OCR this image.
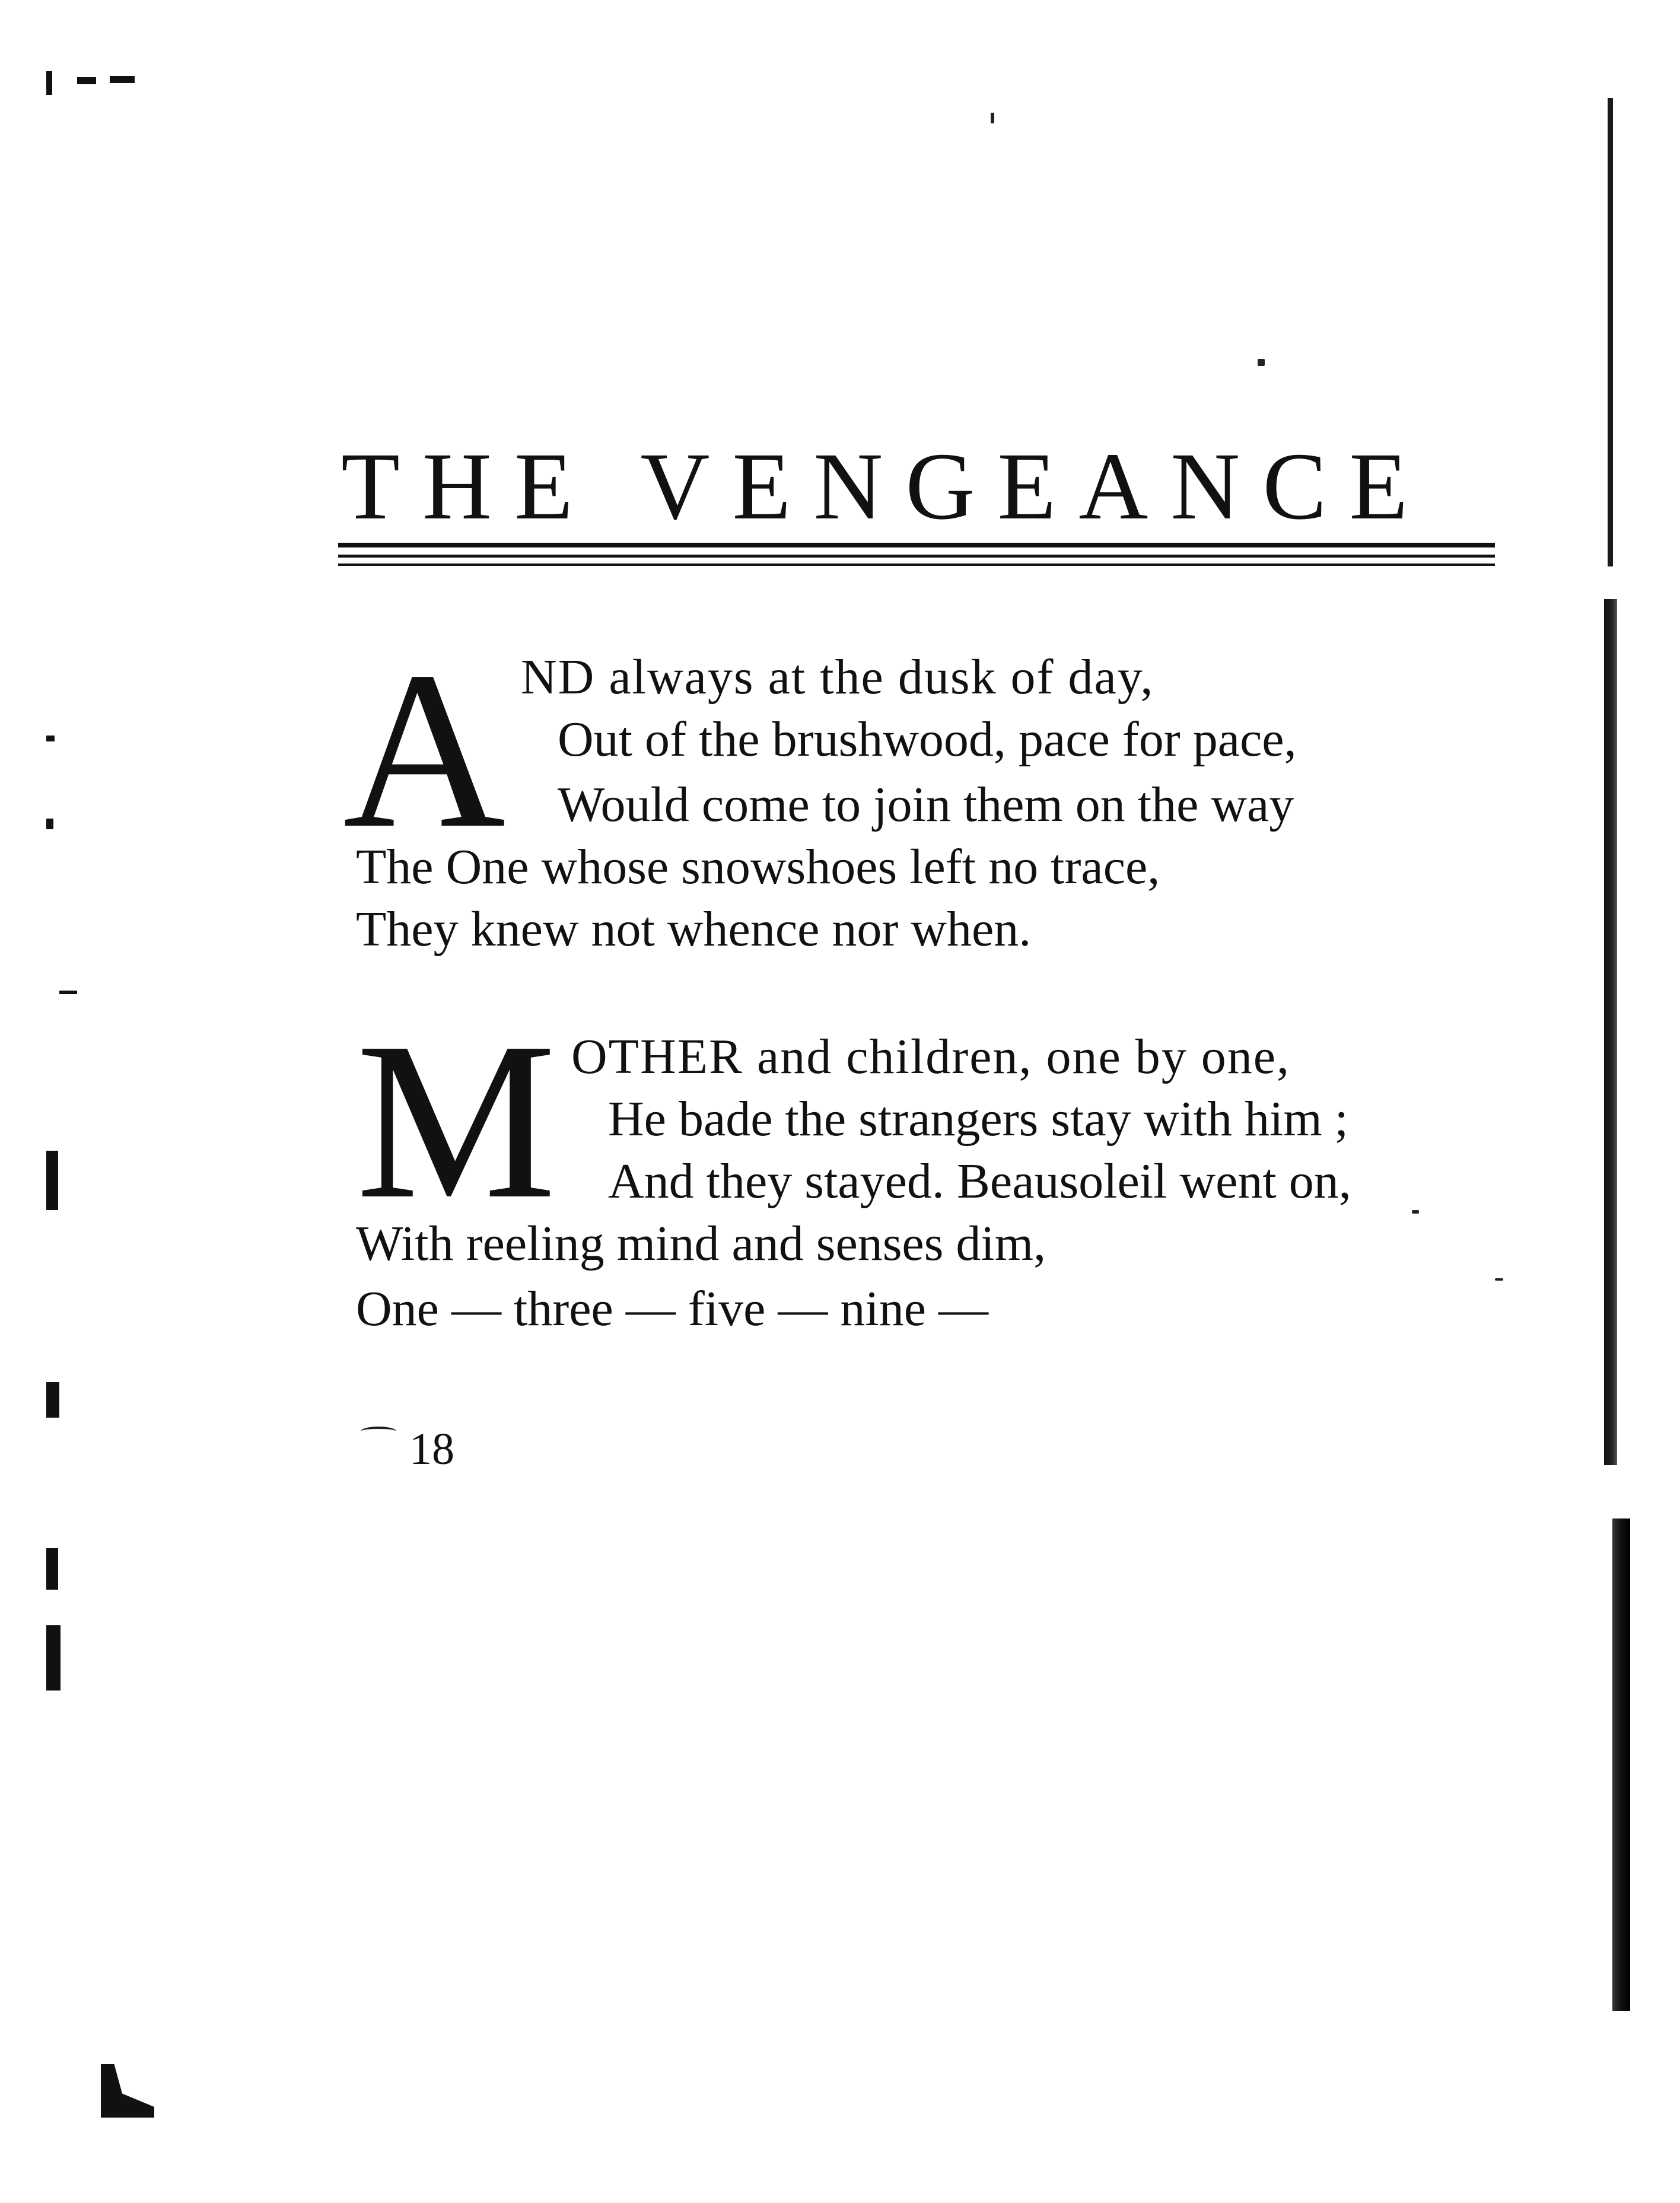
THE VENGEANCE
A ND always at the dusk of day,
Out of the brushwood, pace for pace,
Would come to join them on the way
The One whose snowshoes left no trace,
They knew not whence nor when.
M OTHER and children, one by one,
He bade the strangers stay with him ;
And they stayed. Beausoleil went on,
With reeling mind and senses dim,
One — three — five — nine —
18
